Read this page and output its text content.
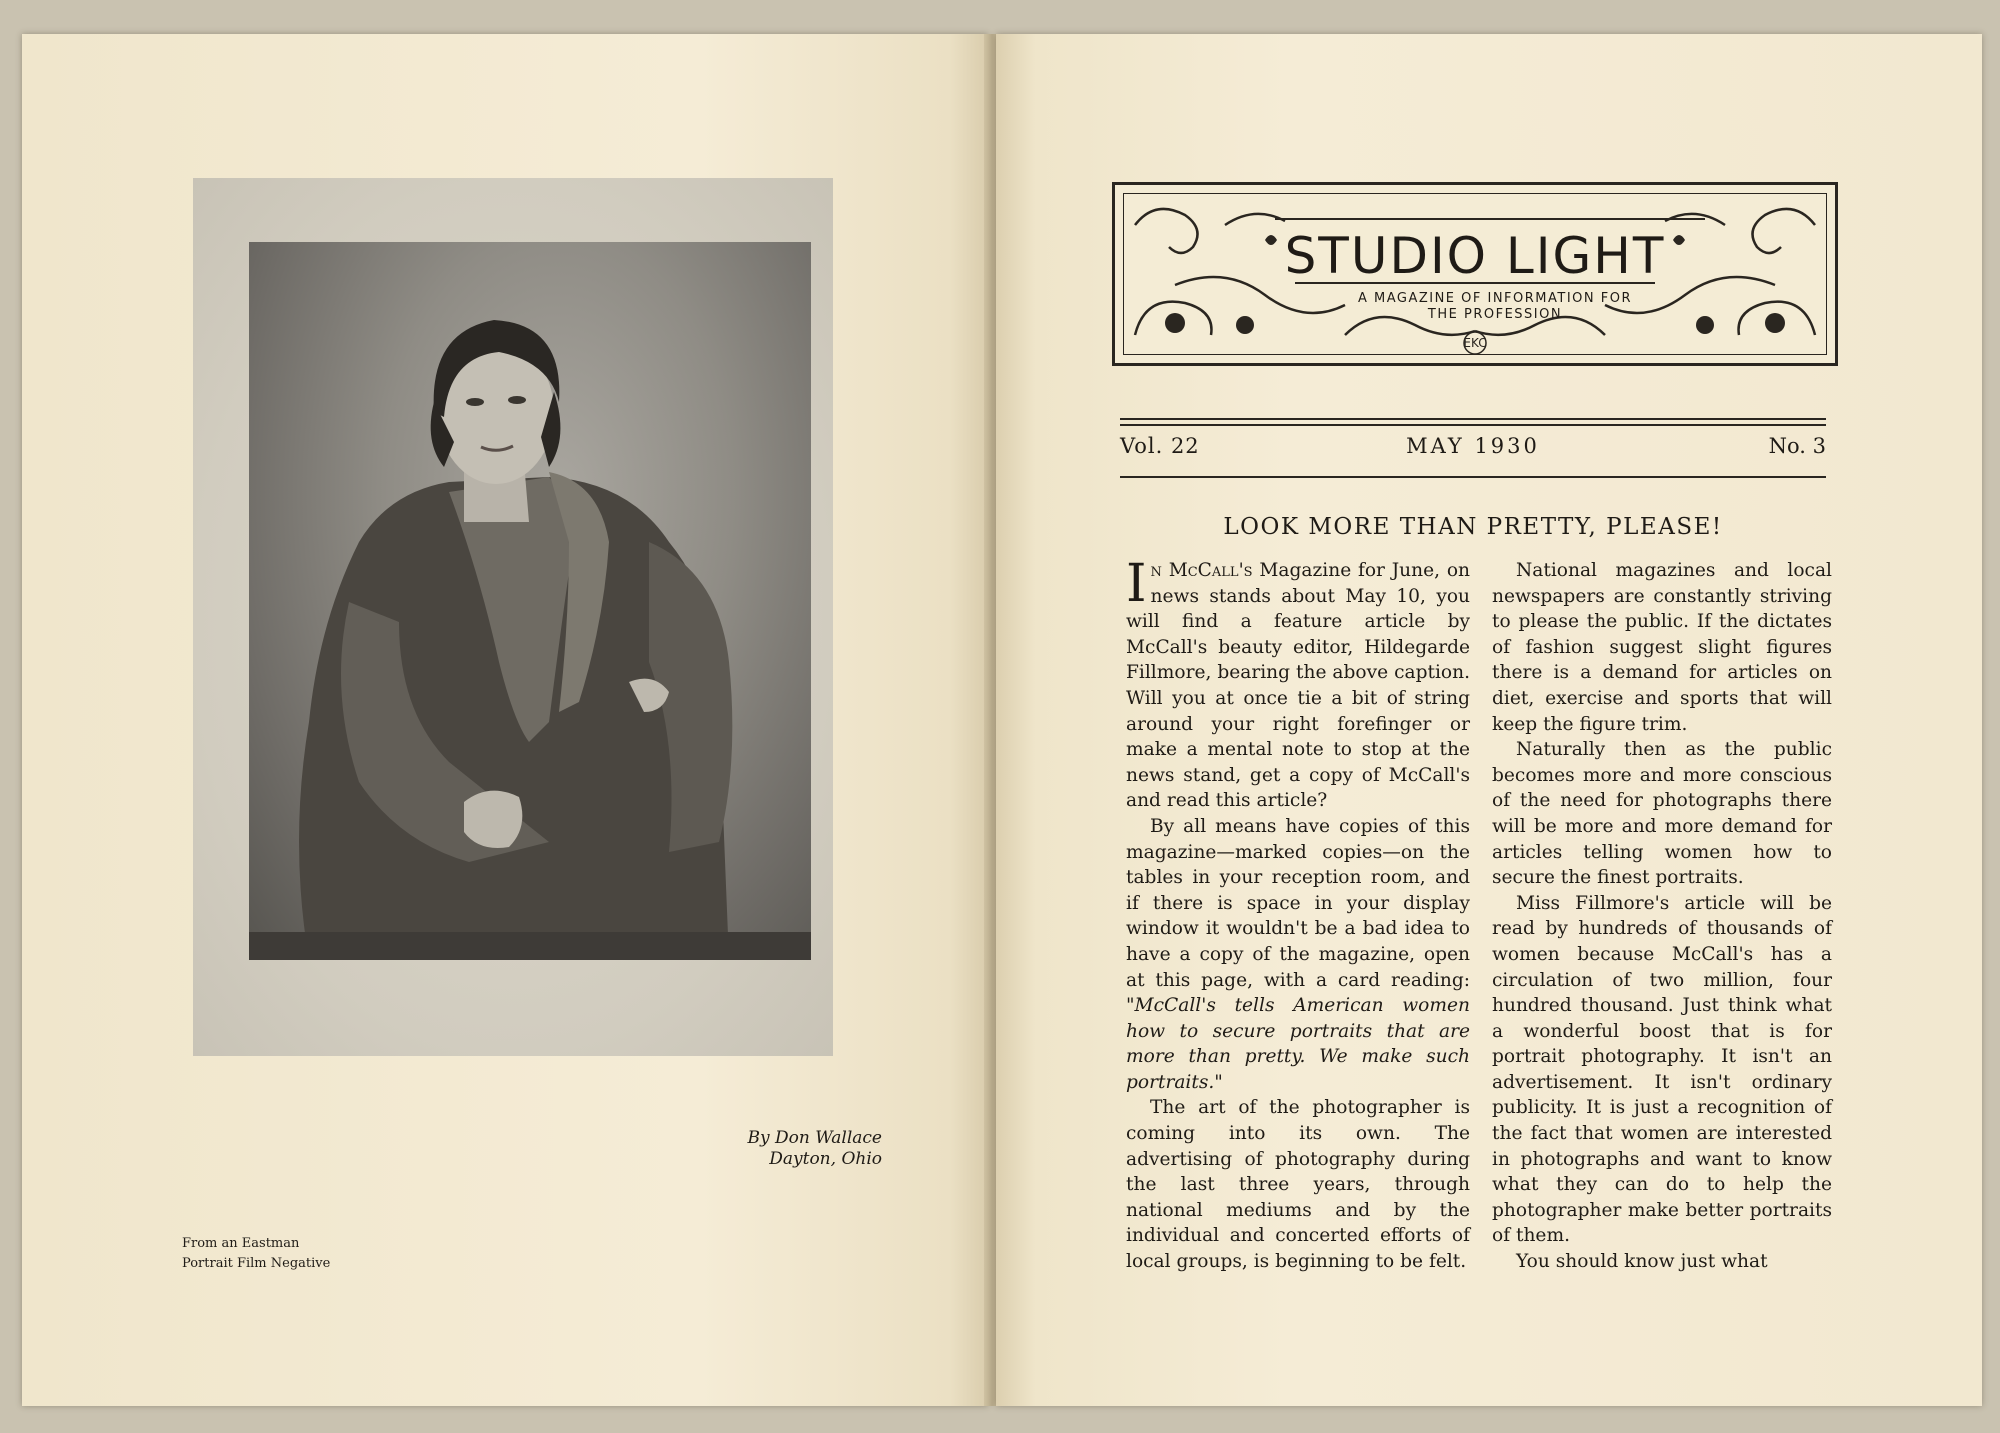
By Don Wallace
Dayton, Ohio
From an Eastman
Portrait Film Negative
EKC
STUDIO LIGHT
A MAGAZINE OF INFORMATION FOR
THE PROFESSION
Vol. 22	MAY 1930	No. 3
LOOK MORE THAN PRETTY, PLEASE!

In McCall's Magazine for June, on news stands about May 10, you will find a feature article by McCall's beauty editor, Hildegarde Fillmore, bearing the above caption. Will you at once tie a bit of string around your right forefinger or make a mental note to stop at the news stand, get a copy of McCall's and read this article?

By all means have copies of this magazine—marked copies—on the tables in your reception room, and if there is space in your display window it wouldn't be a bad idea to have a copy of the magazine, open at this page, with a card reading: "McCall's tells American women how to secure portraits that are more than pretty. We make such portraits."

The art of the photographer is coming into its own. The advertising of photography during the last three years, through national mediums and by the individual and concerted efforts of local groups, is beginning to be felt.

National magazines and local newspapers are constantly striving to please the public. If the dictates of fashion suggest slight figures there is a demand for articles on diet, exercise and sports that will keep the figure trim.

Naturally then as the public becomes more and more conscious of the need for photographs there will be more and more demand for articles telling women how to secure the finest portraits.

Miss Fillmore's article will be read by hundreds of thousands of women because McCall's has a circulation of two million, four hundred thousand. Just think what a wonderful boost that is for portrait photography. It isn't an advertisement. It isn't ordinary publicity. It is just a recognition of the fact that women are interested in photographs and want to know what they can do to help the photographer make better portraits of them.

You should know just what
